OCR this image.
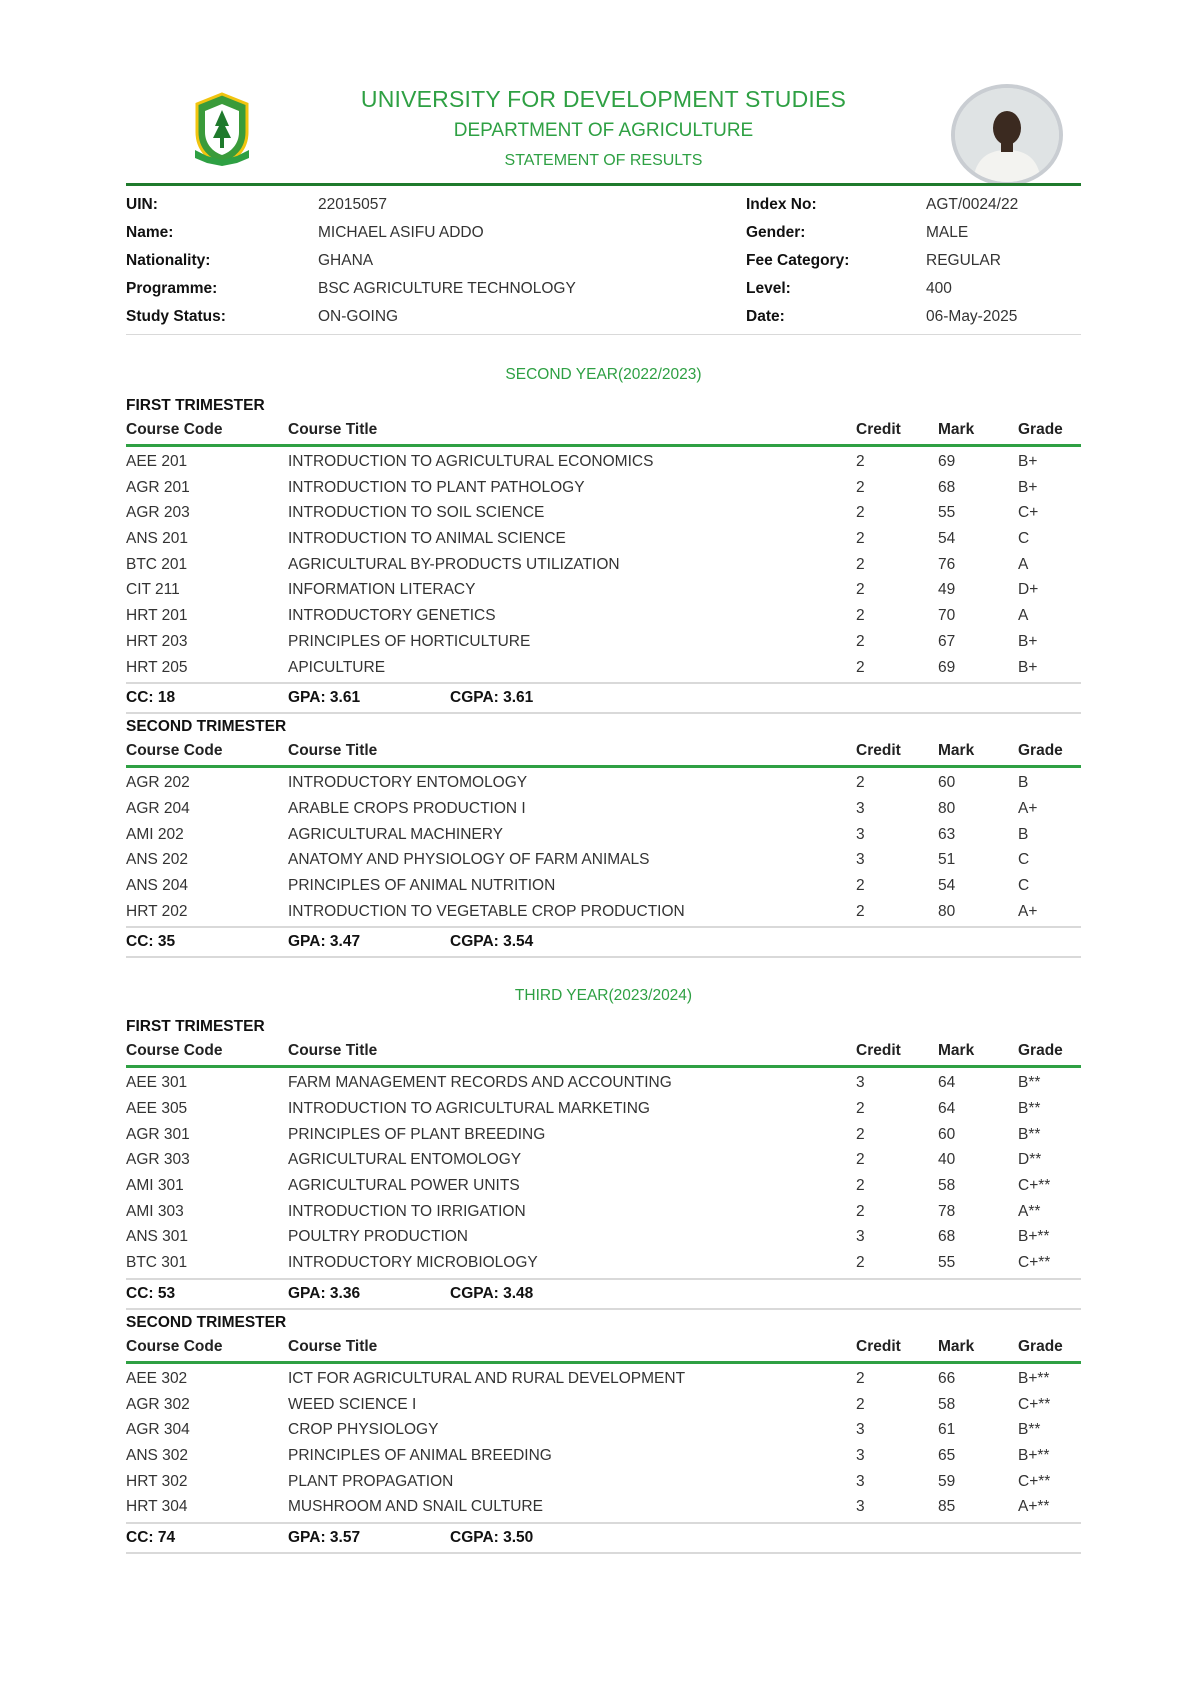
UNIVERSITY FOR DEVELOPMENT STUDIES
DEPARTMENT OF AGRICULTURE
STATEMENT OF RESULTS
UIN:	22015057	Index No:	AGT/0024/22
Name:	MICHAEL ASIFU ADDO	Gender:	MALE
Nationality:	GHANA	Fee Category:	REGULAR
Programme:	BSC AGRICULTURE TECHNOLOGY	Level:	400
Study Status:	ON-GOING	Date:	06-May-2025
SECOND YEAR(2022/2023)
FIRST TRIMESTER
Course Code	Course Title	Credit Mark	Grade
AEE 201	INTRODUCTION TO AGRICULTURAL ECONOMICS	2	69	B+
AGR 201	INTRODUCTION TO PLANT PATHOLOGY	2	68	B+
AGR 203	INTRODUCTION TO SOIL SCIENCE	2	55	C+
ANS 201	INTRODUCTION TO ANIMAL SCIENCE	2	54	C
BTC 201	AGRICULTURAL BY-PRODUCTS UTILIZATION	2	76	A
CIT 211	INFORMATION LITERACY	2	49	D+
HRT 201	INTRODUCTORY GENETICS	2	70	A
HRT 203	PRINCIPLES OF HORTICULTURE	2	67	B+
HRT 205	APICULTURE	2	69	B+
CC: 18	GPA: 3.61	CGPA: 3.61
SECOND TRIMESTER
Course Code	Course Title	Credit Mark	Grade
AGR 202	INTRODUCTORY ENTOMOLOGY	2	60	B
AGR 204	ARABLE CROPS PRODUCTION I	3	80	A+
AMI 202	AGRICULTURAL MACHINERY	3	63	B
ANS 202	ANATOMY AND PHYSIOLOGY OF FARM ANIMALS	3	51	C
ANS 204	PRINCIPLES OF ANIMAL NUTRITION	2	54	C
HRT 202	INTRODUCTION TO VEGETABLE CROP PRODUCTION	2	80	A+
CC: 35	GPA: 3.47	CGPA: 3.54
THIRD YEAR(2023/2024)
FIRST TRIMESTER
Course Code	Course Title	Credit Mark	Grade
AEE 301	FARM MANAGEMENT RECORDS AND ACCOUNTING	3	64	B**
AEE 305	INTRODUCTION TO AGRICULTURAL MARKETING	2	64	B**
AGR 301	PRINCIPLES OF PLANT BREEDING	2	60	B**
AGR 303	AGRICULTURAL ENTOMOLOGY	2	40	D**
AMI 301	AGRICULTURAL POWER UNITS	2	58	C+**
AMI 303	INTRODUCTION TO IRRIGATION	2	78	A**
ANS 301	POULTRY PRODUCTION	3	68	B+**
BTC 301	INTRODUCTORY MICROBIOLOGY	2	55	C+**
CC: 53	GPA: 3.36	CGPA: 3.48
SECOND TRIMESTER
Course Code	Course Title	Credit Mark	Grade
AEE 302	ICT FOR AGRICULTURAL AND RURAL DEVELOPMENT	2	66	B+**
AGR 302	WEED SCIENCE I	2	58	C+**
AGR 304	CROP PHYSIOLOGY	3	61	B**
ANS 302	PRINCIPLES OF ANIMAL BREEDING	3	65	B+**
HRT 302	PLANT PROPAGATION	3	59	C+**
HRT 304	MUSHROOM AND SNAIL CULTURE	3	85	A+**
CC: 74	GPA: 3.57	CGPA: 3.50
